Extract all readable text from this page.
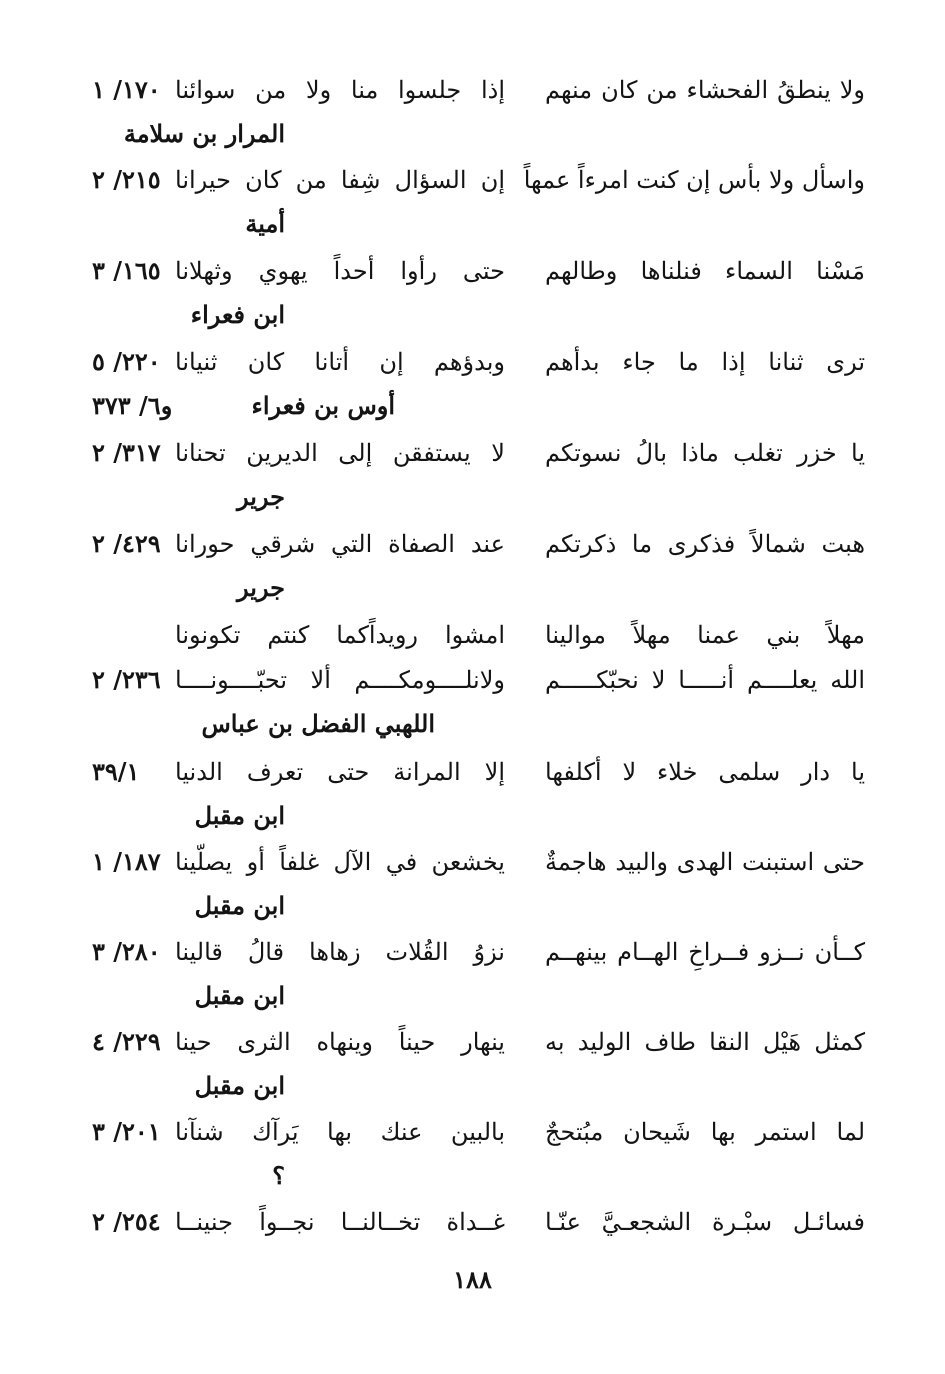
ولا ينطقُ الفحشاء من كان منهم
إذا جلسوا منا ولا من سوائنا
١٧٠/ ١
المرار بن سلامة
واسأل ولا بأس إن كنت امرءاً عمهاً
إن السؤال شِفا من كان حيرانا
٢١٥/ ٢
أمية
مَسْنا السماء فنلناها وطالهم
حتى رأوا أحداً يهوي وثهلانا
١٦٥/ ٣
ابن فعراء
ترى ثنانا إذا ما جاء بدأهم
وبدؤهم إن أتانا كان ثنيانا
٢٢٠/ ٥
أوس بن فعراء
و٦/ ٣٧٣
يا خزر تغلب ماذا بالُ نسوتكم
لا يستفقن إلى الديرين تحنانا
٣١٧/ ٢
جرير
هبت شمالاً فذكرى ما ذكرتكم
عند الصفاة التي شرقي حورانا
٤٢٩/ ٢
جرير
مهلاً بني عمنا مهلاً موالينا
امشوا رويداًكما كنتم تكونونا
الله يعلــــم أنـــــا لا نحبّكـــــم
ولانلــــومكــــم ألا تحبّــــونــــا
٢٣٦/ ٢
اللهبي الفضل بن عباس
يا دار سلمى خلاء لا أكلفها
إلا المرانة حتى تعرف الدنيا
٣٩/١
ابن مقبل
حتى استبنت الهدى والبيد هاجمةٌ
يخشعن في الآل غلفاً أو يصلّينا
١٨٧/ ١
ابن مقبل
كــأن نــزو فــراخِ الهــام بينهــم
نزوُ القُلات زهاها قالُ قالينا
٢٨٠/ ٣
ابن مقبل
كمثل هَيْل النقا طاف الوليد به
ينهار حيناً وينهاه الثرى حينا
٢٢٩/ ٤
ابن مقبل
لما استمر بها شَيحان مبُتحجٌ
بالبين عنك بها يَرآك شنآنا
٢٠١/ ٣
؟
فسائـل سبْـرة الشجعـيَّ عنّـا
غــداة تخــالنــا نجــواً جنينــا
٢٥٤/ ٢
١٨٨
